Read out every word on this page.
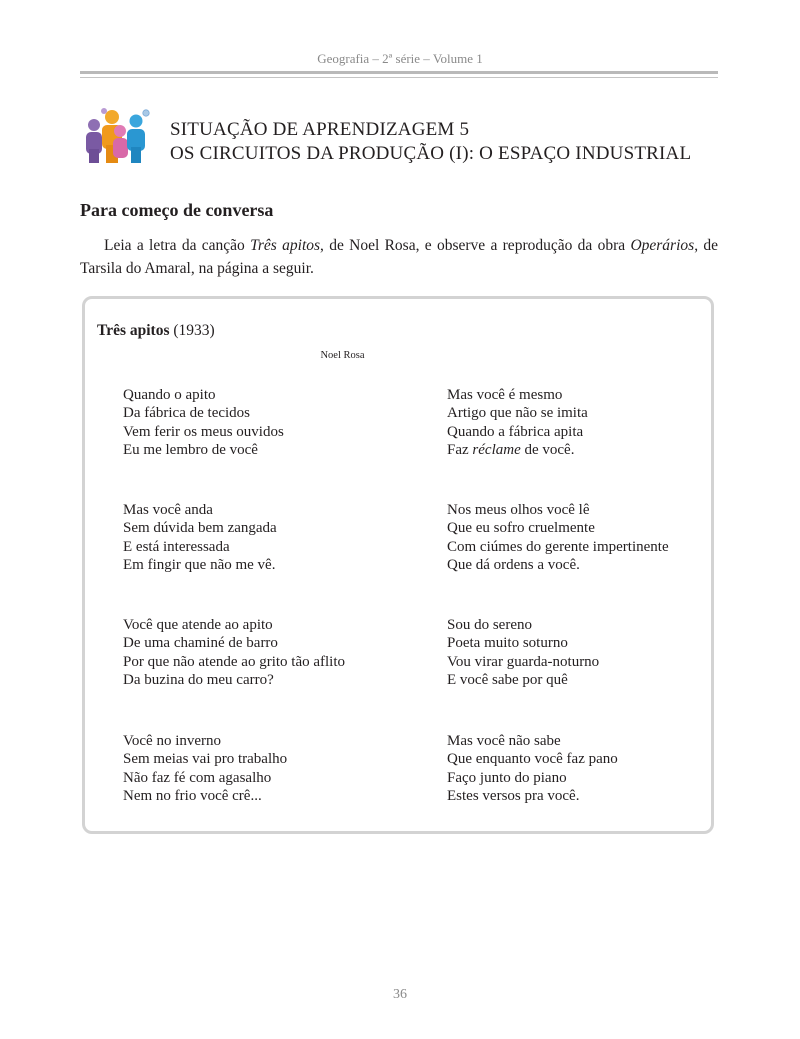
Geografia – 2ª série – Volume 1
SITUAÇÃO DE APRENDIZAGEM 5
OS CIRCUITOS DA PRODUÇÃO (I): O ESPAÇO INDUSTRIAL
Para começo de conversa

Leia a letra da canção Três apitos, de Noel Rosa, e observe a reprodução da obra Operários, de Tarsila do Amaral, na página a seguir.

Três apitos (1933)
Noel Rosa
Quando o apito
Da fábrica de tecidos
Vem ferir os meus ouvidos
Eu me lembro de você
Mas você anda
Sem dúvida bem zangada
E está interessada
Em fingir que não me vê.
Você que atende ao apito
De uma chaminé de barro
Por que não atende ao grito tão aflito
Da buzina do meu carro?
Você no inverno
Sem meias vai pro trabalho
Não faz fé com agasalho
Nem no frio você crê...
Mas você é mesmo
Artigo que não se imita
Quando a fábrica apita
Faz réclame de você.
Nos meus olhos você lê
Que eu sofro cruelmente
Com ciúmes do gerente impertinente
Que dá ordens a você.
Sou do sereno
Poeta muito soturno
Vou virar guarda-noturno
E você sabe por quê
Mas você não sabe
Que enquanto você faz pano
Faço junto do piano
Estes versos pra você.
36
